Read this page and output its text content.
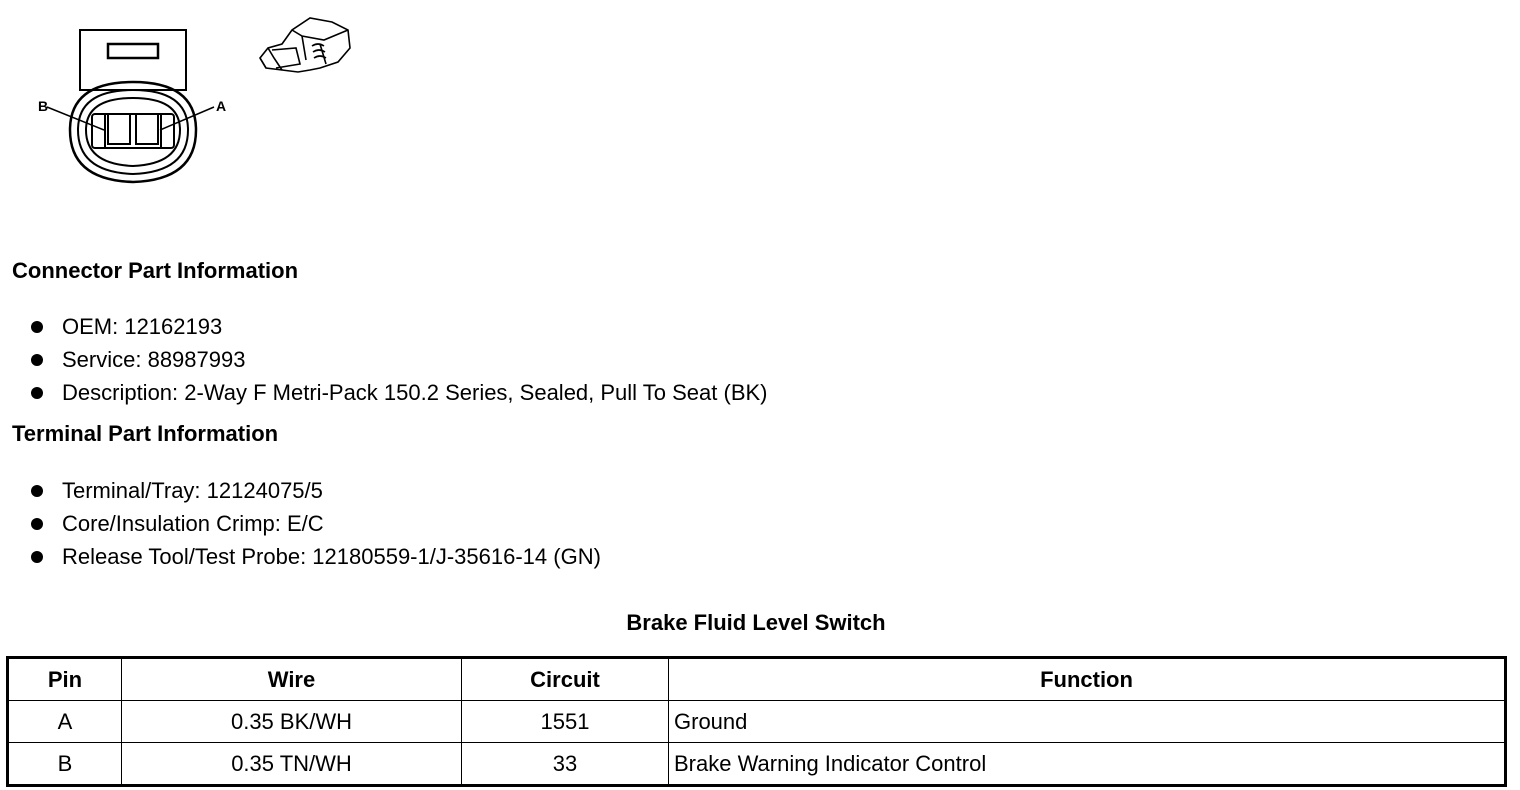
B	A
Connector Part Information
OEM: 12162193
Service: 88987993
Description: 2-Way F Metri-Pack 150.2 Series, Sealed, Pull To Seat (BK)
Terminal Part Information
Terminal/Tray: 12124075/5
Core/Insulation Crimp: E/C
Release Tool/Test Probe: 12180559-1/J-35616-14 (GN)
Brake Fluid Level Switch
Pin	Wire	Circuit	Function
A	0.35 BK/WH	1551	Ground
B	0.35 TN/WH	33	Brake Warning Indicator Control
